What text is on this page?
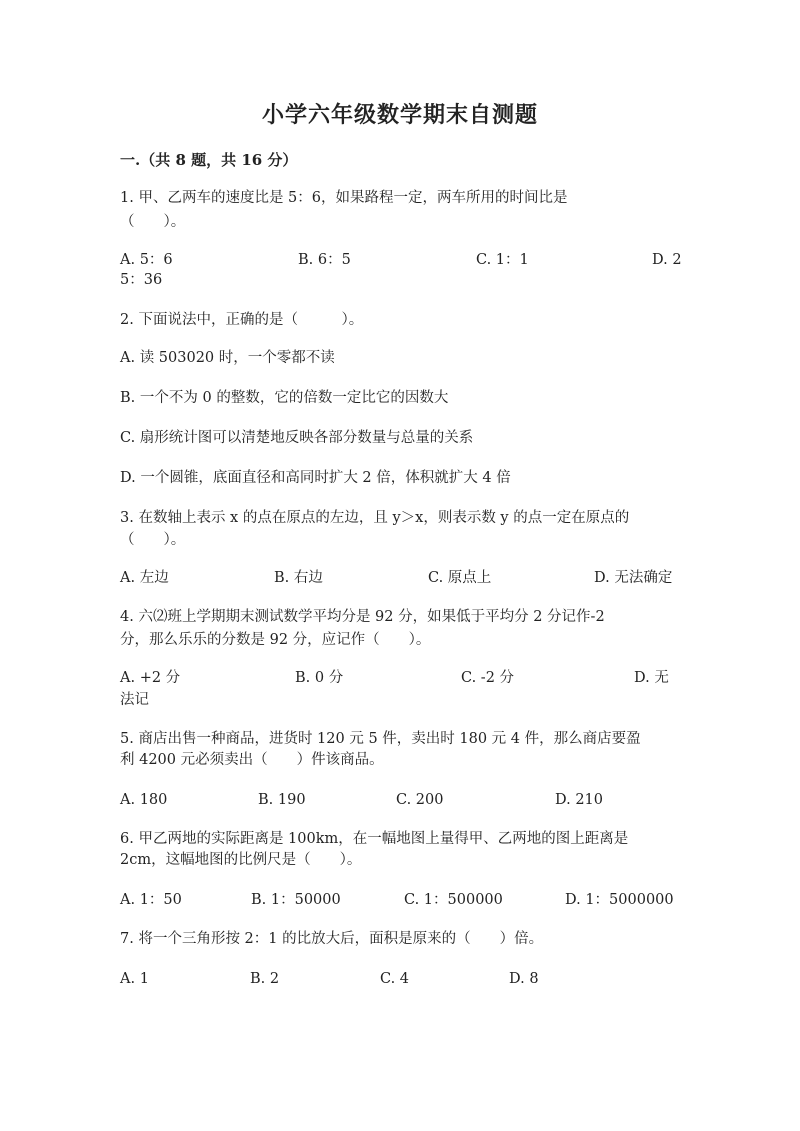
小学六年级数学期末自测题
一.（共 8 题，共 16 分）
1. 甲、乙两车的速度比是 5：6，如果路程一定，两车所用的时间比是
（　　）。
A. 5：6	B. 6：5	C. 1：1	D. 2
5：36
2. 下面说法中，正确的是（　　　）。
A. 读 503020 时，一个零都不读
B. 一个不为 0 的整数，它的倍数一定比它的因数大
C. 扇形统计图可以清楚地反映各部分数量与总量的关系
D. 一个圆锥，底面直径和高同时扩大 2 倍，体积就扩大 4 倍
3. 在数轴上表示 x 的点在原点的左边，且 y＞x，则表示数 y 的点一定在原点的
（　　）。
A. 左边	B. 右边	C. 原点上	D. 无法确定
4. 六⑵班上学期期末测试数学平均分是 92 分，如果低于平均分 2 分记作-2
分，那么乐乐的分数是 92 分，应记作（　　）。
A. +2 分	B. 0 分	C. -2 分	D. 无
法记
5. 商店出售一种商品，进货时 120 元 5 件，卖出时 180 元 4 件，那么商店要盈
利 4200 元必须卖出（　　）件该商品。
A. 180	B. 190	C. 200	D. 210
6. 甲乙两地的实际距离是 100km，在一幅地图上量得甲、乙两地的图上距离是
2cm，这幅地图的比例尺是（　　）。
A. 1：50	B. 1：50000	C. 1：500000	D. 1：5000000
7. 将一个三角形按 2：1 的比放大后，面积是原来的（　　）倍。
A. 1	B. 2	C. 4	D. 8
